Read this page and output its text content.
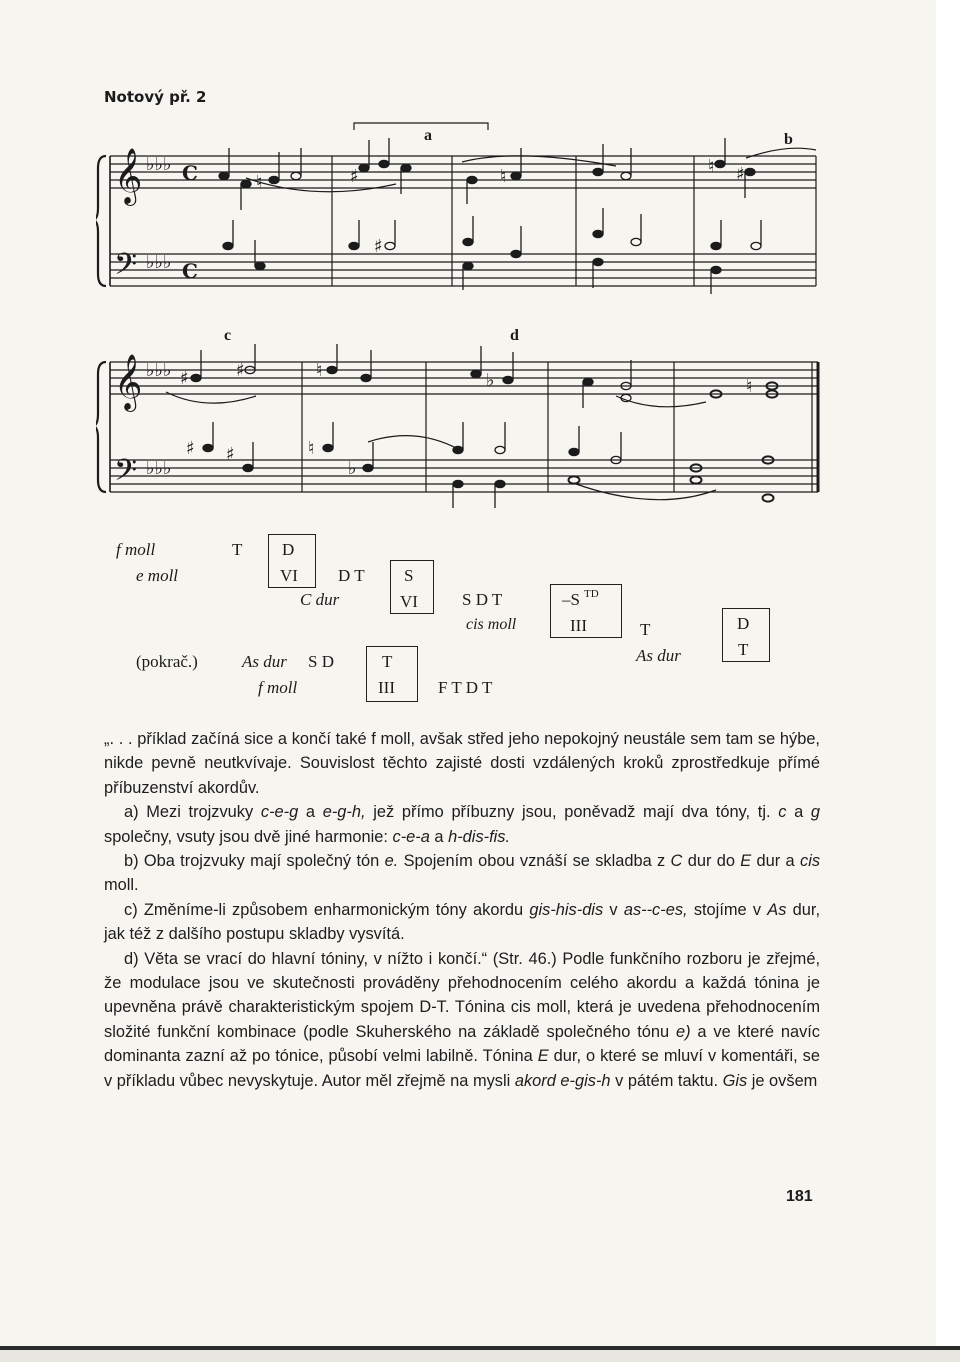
Notový př. 2
a	b
𝄞
𝄢
♭♭♭
♭♭♭
C
C
♮	♯
♯
♮	♮ ♯
c	d
𝄞
𝄢
♭♭♭
♭♭♭
♯	♯	♮
♯ ♯	♮
♭
♭	♮
f moll	T D
VI
e moll	D T
C dur
S
VI	S D T
cis moll
–S TD
III	T
As dur
D
T
(pokrač.)	As dur S D
f moll
T
III	F T D T

„. . . příklad začíná sice a končí také f moll, avšak střed jeho nepokojný neustále sem tam se hýbe, nikde pevně neutkvívaje. Souvislost těchto zajisté dosti vzdálených kroků zprostředkuje přímé příbuzenství akordův.

a) Mezi trojzvuky c-e-g a e-g-h, jež přímo příbuzny jsou, poněvadž mají dva tóny, tj. c a g společny, vsuty jsou dvě jiné harmonie: c-e-a a h-dis-fis.

b) Oba trojzvuky mají společný tón e. Spojením obou vznáší se skladba z C dur do E dur a cis moll.

c) Změníme-li způsobem enharmonickým tóny akordu gis-his-dis v as--c-es, stojíme v As dur, jak též z dalšího postupu skladby vysvítá.

d) Věta se vrací do hlavní tóniny, v nížto i končí.“ (Str. 46.) Podle funkčního rozboru je zřejmé, že modulace jsou ve skutečnosti prováděny přehodnocením celého akordu a každá tónina je upevněna právě charakteristickým spojem D-T. Tónina cis moll, která je uvedena přehodnocením složité funkční kombinace (podle Skuherského na základě společného tónu e) a ve které navíc dominanta zazní až po tónice, působí velmi labilně. Tónina E dur, o které se mluví v komentáři, se v příkladu vůbec nevyskytuje. Autor měl zřejmě na mysli akord e-gis-h v pátém taktu. Gis je ovšem

181
